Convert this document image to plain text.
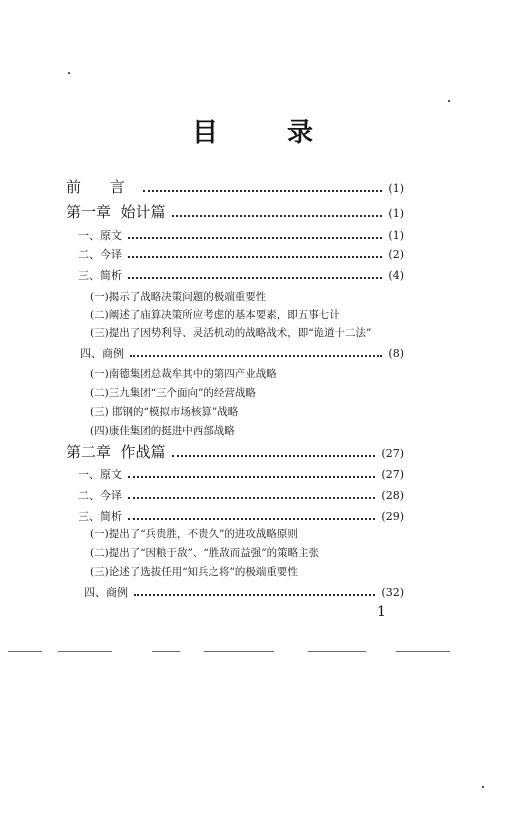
目 录
前 言	(1)
第一章  始计篇	(1)
一、原文	(1)
二、今译	(2)
三、简析	(4)
(一)揭示了战略决策问题的极端重要性
(二)阐述了庙算决策所应考虑的基本要素，即五事七计
(三)提出了因势利导、灵活机动的战略战术，即“诡道十二法”
四、商例	(8)
(一)南德集团总裁牟其中的第四产业战略
(二)三九集团“三个面向”的经营战略
(三) 邯钢的“模拟市场核算”战略
(四)康佳集团的挺进中西部战略
第二章  作战篇	(27)
一、原文	(27)
二、今译	(28)
三、简析	(29)
(一)提出了“兵贵胜，不贵久”的进攻战略原则
(二)提出了“因粮于敌”、“胜敌而益强”的策略主张
(三)论述了选拔任用“知兵之将”的极端重要性
四、商例	(32)
1
